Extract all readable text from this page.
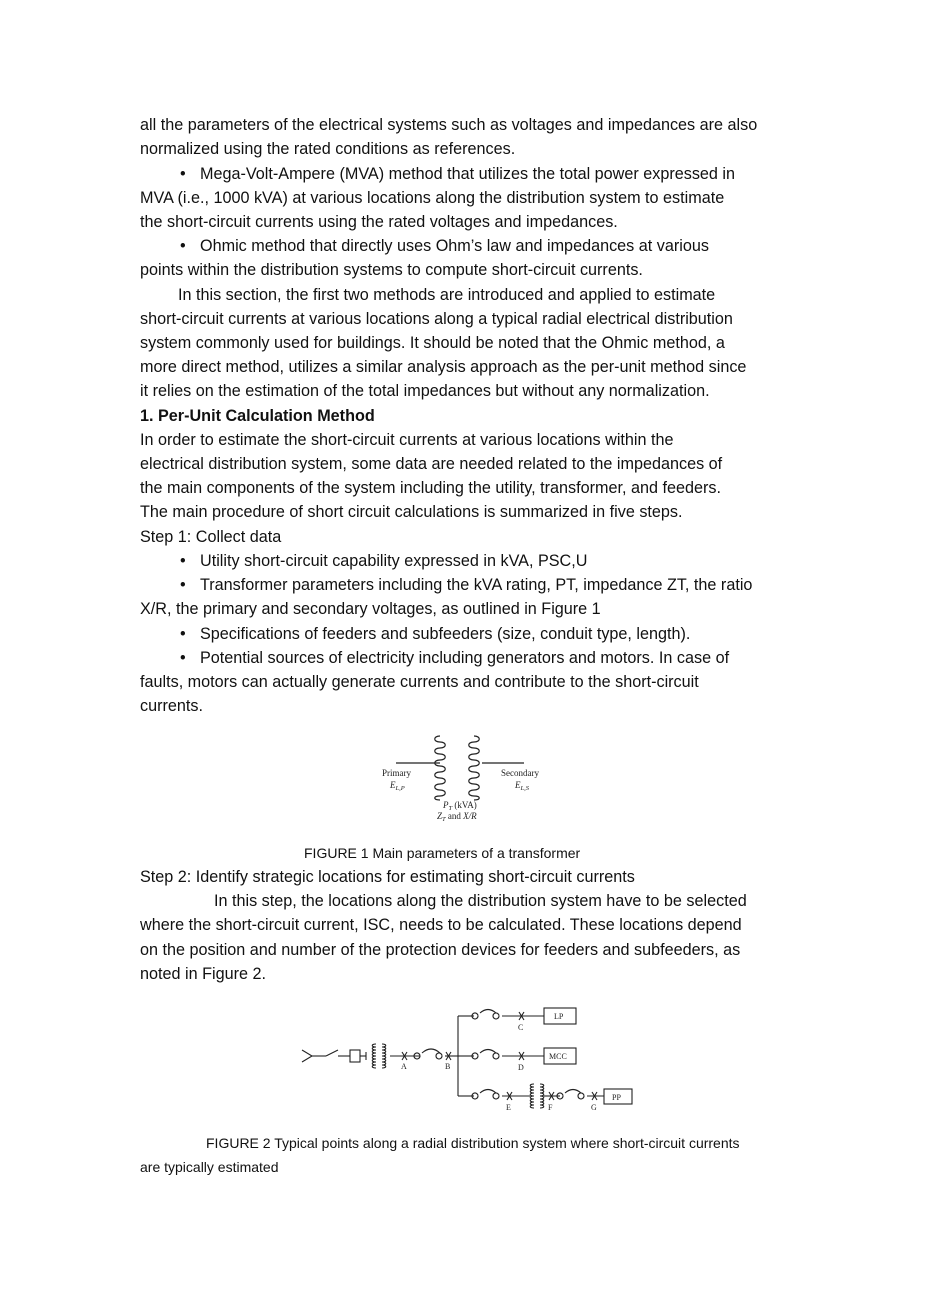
all the parameters of the electrical systems such as voltages and impedances are also
normalized using the rated conditions as references.
• Mega-Volt-Ampere (MVA) method that utilizes the total power expressed in
MVA (i.e., 1000 kVA) at various locations along the distribution system to estimate
the short-circuit currents using the rated voltages and impedances.
• Ohmic method that directly uses Ohm’s law and impedances at various
points within the distribution systems to compute short-circuit currents.
In this section, the first two methods are introduced and applied to estimate
short-circuit currents at various locations along a typical radial electrical distribution
system commonly used for buildings. It should be noted that the Ohmic method, a
more direct method, utilizes a similar analysis approach as the per-unit method since
it relies on the estimation of the total impedances but without any normalization.
1. Per-Unit Calculation Method
In order to estimate the short-circuit currents at various locations within the
electrical distribution system, some data are needed related to the impedances of
the main components of the system including the utility, transformer, and feeders.
The main procedure of short circuit calculations is summarized in five steps.
Step 1: Collect data
• Utility short-circuit capability expressed in kVA, PSC,U
• Transformer parameters including the kVA rating, PT, impedance ZT, the ratio
X/R, the primary and secondary voltages, as outlined in Figure 1
• Specifications of feeders and subfeeders (size, conduit type, length).
• Potential sources of electricity including generators and motors. In case of
faults, motors can actually generate currents and contribute to the short-circuit
currents.
Primary
$E_{L,P}$
Secondary
$E_{L,S}$
$P_T$ (kVA)
$Z_T$ and X/R
FIGURE 1 Main parameters of a transformer
Step 2: Identify strategic locations for estimating short-circuit currents
In this step, the locations along the distribution system have to be selected
where the short-circuit current, ISC, needs to be calculated. These locations depend
on the position and number of the protection devices for feeders and subfeeders, as
noted in Figure 2.
A	B
C
D
E	F	G
LP
MCC
PP
FIGURE 2 Typical points along a radial distribution system where short-circuit currents
are typically estimated
